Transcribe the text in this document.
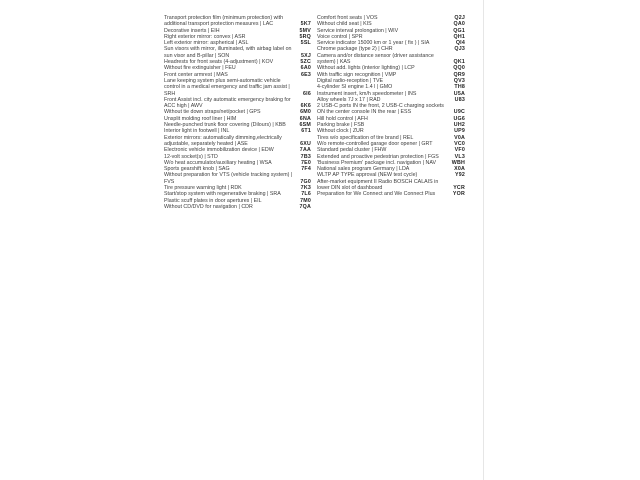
Transport protection film (minimum protection) with additional transport protection measures | LAC	5K7
Decorative inserts | EIH	5MV
Right exterior mirror: convex | ASR	5RQ
Left exterior mirror: aspherical | ASL	5SL
Sun visors with mirror, illuminated, with airbag label on sun visor and B-pillar | SON	5XJ
Headrests for front seats (4-adjustment) | KOV	5ZC
Without fire extinguisher | FEU	6A0
Front center armrest | MAS	6E3
Lane keeping system plus semi-automatic vehicle control in a medical emergency and traffic jam assist | SRH	6I6
Front Assist incl. city automatic emergency braking for ACC high | AWV	6K6
Without tie down straps/net/pocket | GPS	6M0
Unsplit molding roof liner | HIM	6NA
Needle-punched trunk floor covering (Dilours) | KBB	6SM
Interior light in footwell | INL	6T1
Exterior mirrors: automatically dimming,electrically adjustable, separately heated | ASE	6XU
Electronic vehicle immobilization device | EDW	7AA
12-volt socket(s) | STD	7B3
W/o heat accumulator/auxiliary heating | WSA	7E0
Sports gearshift knob | SAG	7F4
Without preparation for VTS (vehicle tracking system) | FVS	7G0
Tire pressure warning light | RDK	7K3
Start/stop system with regenerative braking | SRA	7L6
Plastic scuff plates in door apertures | EIL	7M0
Without CD/DVD for navigation | CDR	7QA
Comfort front seats | VOS	Q2J
Without child seat | KIS	QA0
Service interval prolongation | WIV	QG1
Voice control | SPR	QH1
Service indicator 15000 km or 1 year ( fix ) | SIA	QI4
Chrome package (type 2) | CHR	QJ3
Camera and/or distance sensor (driver assistance system) | KAS	QK1
Without add. lights (interior lighting) | LCP	QQ0
With traffic sign recognition | VMP	QR9
Digital radio-reception | TVE	QV3
4-cylinder SI engine 1.4 l | GMO	TH8
Instrument insert, km/h speedometer | INS	U5A
Alloy wheels 7J x 17 | RAD	U83
2 USB-C ports IN the front, 2 USB-C charging sockets ON the center console IN the rear | ESS	U9C
Hill hold control | AFH	UG6
Parking brake | FSB	UH2
Without clock | ZUR	UP9
Tires w/o specification of tire brand | REL	V0A
W/o remote-controlled garage door opener | GRT	VC0
Standard pedal cluster | FHW	VF0
Extended and proactive pedestrian protection | FGS	VL3
'Business Premium' package incl. navigation | NAV	WBH
National sales program Germany | LDA	X0A
WLTP AP TYPE approval (NEW test cycle)	Y92
After-market equipment II Radio BOSCH CALAIS in lower DIN slot of dashboard	YCR
Preparation for We Connect and We Connect Plus	YOR
